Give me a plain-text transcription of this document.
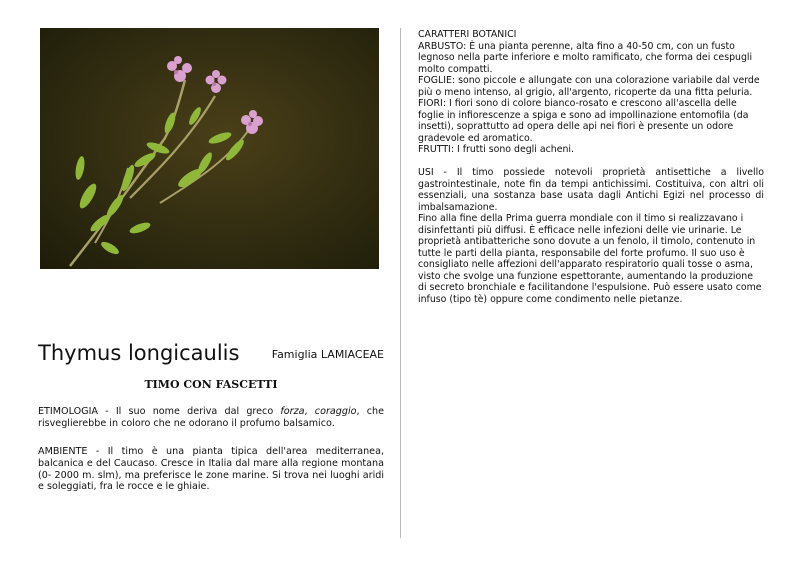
Thymus longicaulis	Famiglia LAMIACEAE
TIMO CON FASCETTI
ETIMOLOGIA - Il suo nome deriva dal greco forza, coraggio, che risveglierebbe in coloro che ne odorano il profumo balsamico.
AMBIENTE - Il timo è una pianta tipica dell'area mediterranea, balcanica e del Caucaso. Cresce in Italia dal mare alla regione montana (0- 2000 m. slm), ma preferisce le zone marine. Si trova nei luoghi aridi e soleggiati, fra le rocce e le ghiaie.

CARATTERI BOTANICI

ARBUSTO: È una pianta perenne, alta fino a 40-50 cm, con un fusto legnoso nella parte inferiore e molto ramificato, che forma dei cespugli molto compatti.

FOGLIE: sono piccole e allungate con una colorazione variabile dal verde più o meno intenso, al grigio, all'argento, ricoperte da una fitta peluria.

FIORI: I fiori sono di colore bianco-rosato e crescono all'ascella delle foglie in infiorescenze a spiga e sono ad impollinazione entomofila (da insetti), soprattutto ad opera delle api nei fiori è presente un odore gradevole ed aromatico.

FRUTTI: I frutti sono degli acheni.

USI - Il timo possiede notevoli proprietà antisettiche a livello gastrointestinale, note fin da tempi antichissimi. Costituiva, con altri oli essenziali, una sostanza base usata dagli Antichi Egizi nel processo di imbalsamazione.

Fino alla fine della Prima guerra mondiale con il timo si realizzavano i disinfettanti più diffusi. È efficace nelle infezioni delle vie urinarie. Le proprietà antibatteriche sono dovute a un fenolo, il timolo, contenuto in tutte le parti della pianta, responsabile del forte profumo. Il suo uso è consigliato nelle affezioni dell'apparato respiratorio quali tosse o asma, visto che svolge una funzione espettorante, aumentando la produzione di secreto bronchiale e facilitandone l'espulsione. Può essere usato come infuso (tipo tè) oppure come condimento nelle pietanze.
